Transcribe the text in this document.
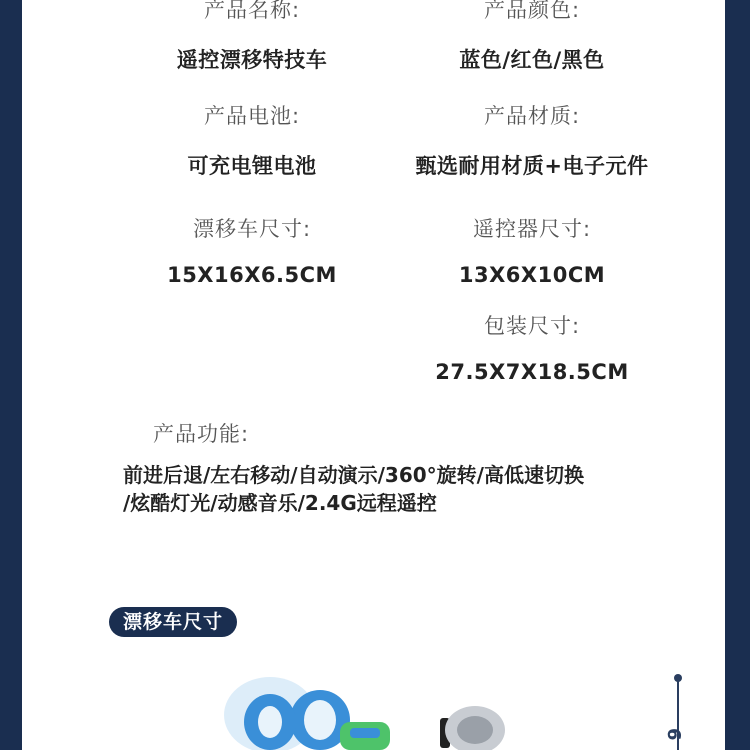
产品名称:
遥控漂移特技车
产品颜色:
蓝色/红色/黑色
产品电池:
可充电锂电池
产品材质:
甄选耐用材质+电子元件
漂移车尺寸:
15X16X6.5CM
遥控器尺寸:
13X6X10CM
包装尺寸:
27.5X7X18.5CM
产品功能:
前进后退/左右移动/自动演示/360°旋转/高低速切换
/炫酷灯光/动感音乐/2.4G远程遥控
漂移车尺寸
6
